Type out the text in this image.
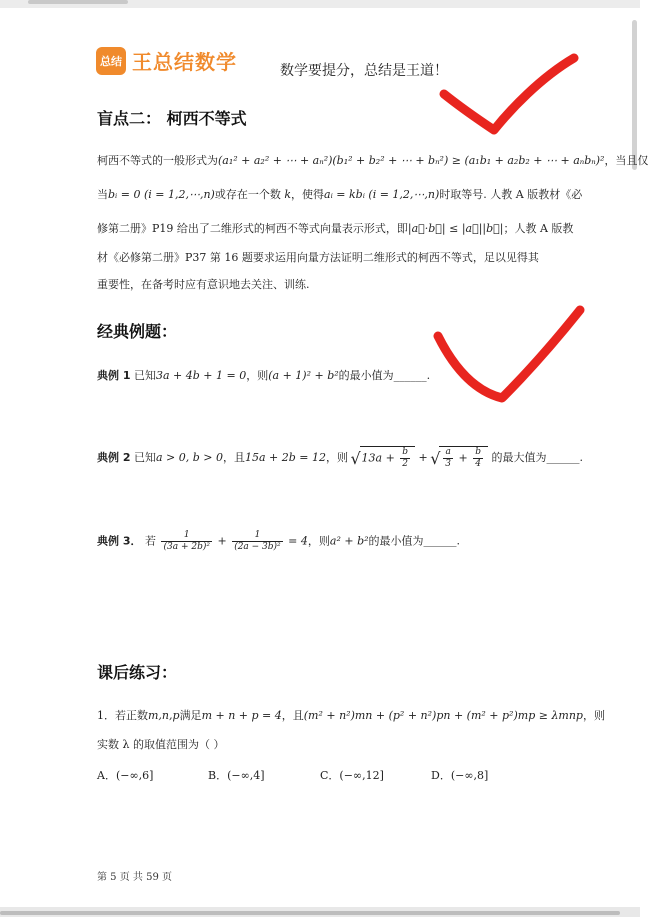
总结 王总结数学	数学要提分，总结是王道！
盲点二： 柯西不等式
柯西不等式的一般形式为(a₁² + a₂² + ⋯ + aₙ²)(b₁² + b₂² + ⋯ + bₙ²) ≥ (a₁b₁ + a₂b₂ + ⋯ + aₙbₙ)²，当且仅
当bᵢ = 0 (i = 1,2,⋯,n)或存在一个数 k，使得aᵢ = kbᵢ (i = 1,2,⋯,n)时取等号. 人教 A 版教材《必
修第二册》P19 给出了二维形式的柯西不等式向量表示形式，即|a⃗·b⃗| ≤ |a⃗||b⃗|；人教 A 版教
材《必修第二册》P37 第 16 题要求运用向量方法证明二维形式的柯西不等式，足以见得其
重要性，在备考时应有意识地去关注、训练.
经典例题：
典例 1 已知3a + 4b + 1 = 0，则(a + 1)² + b²的最小值为______.
典例 2 已知a > 0, b > 0，且15a + 2b = 12，则 √ $13a + \frac{b}{2}$ + √ $\frac{a}{3} + \frac{b}{4}$ 的最大值为______.
典例 3． 若 $\frac{1}{\text{(3a + 2b)²}} + \frac{1}{\text{(2a − 3b)²}} = 4$，则a² + b²的最小值为______.
课后练习：
1．若正数m,n,p满足m + n + p = 4，且(m² + n²)mn + (p² + n²)pn + (m² + p²)mp ≥ λmnp，则
实数 λ 的取值范围为（ ）
A．(−∞,6]	B．(−∞,4]	C．(−∞,12]	D．(−∞,8]
第 5 页 共 59 页
